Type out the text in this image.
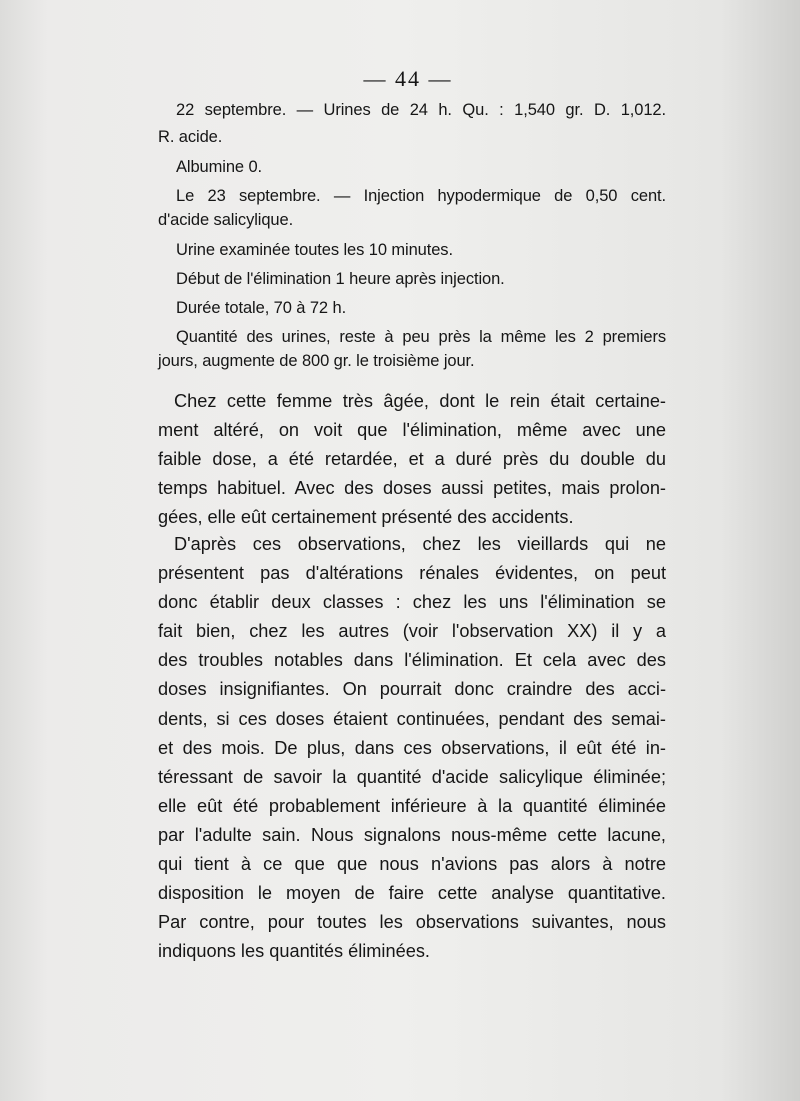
— 44 —

22 septembre. — Urines de 24 h. Qu. : 1,540 gr. D. 1,012.

R. acide.

Albumine 0.

Le 23 septembre. — Injection hypodermique de 0,50 cent.

d'acide salicylique.

Urine examinée toutes les 10 minutes.

Début de l'élimination 1 heure après injection.

Durée totale, 70 à 72 h.

Quantité des urines, reste à peu près la même les 2 premiers

jours, augmente de 800 gr. le troisième jour.

Chez cette femme très âgée, dont le rein était certaine-
ment altéré, on voit que l'élimination, même avec une
faible dose, a été retardée, et a duré près du double du
temps habituel. Avec des doses aussi petites, mais prolon-
gées, elle eût certainement présenté des accidents.

D'après ces observations, chez les vieillards qui ne
présentent pas d'altérations rénales évidentes, on peut
donc établir deux classes : chez les uns l'élimination se
fait bien, chez les autres (voir l'observation XX) il y a
des troubles notables dans l'élimination. Et cela avec des
doses insignifiantes. On pourrait donc craindre des acci-
dents, si ces doses étaient continuées, pendant des semai-
et des mois. De plus, dans ces observations, il eût été in-
téressant de savoir la quantité d'acide salicylique éliminée;
elle eût été probablement inférieure à la quantité éliminée
par l'adulte sain. Nous signalons nous-même cette lacune,
qui tient à ce que que nous n'avions pas alors à notre
disposition le moyen de faire cette analyse quantitative.
Par contre, pour toutes les observations suivantes, nous
indiquons les quantités éliminées.
